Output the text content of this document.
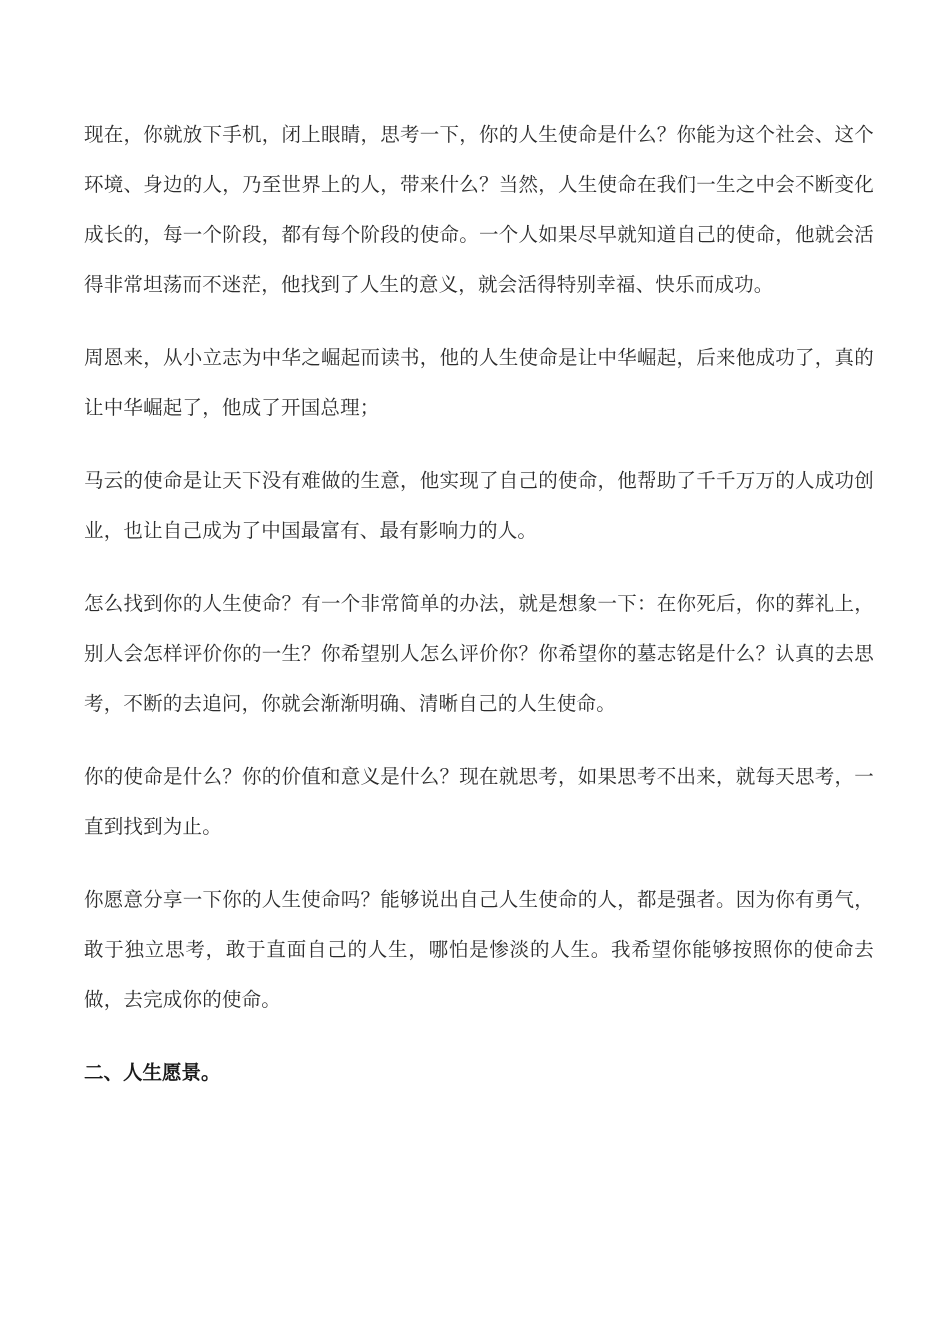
现在，你就放下手机，闭上眼睛，思考一下，你的人生使命是什么？你能为这个社会、这个环境、身边的人，乃至世界上的人，带来什么？当然，人生使命在我们一生之中会不断变化成长的，每一个阶段，都有每个阶段的使命。一个人如果尽早就知道自己的使命，他就会活得非常坦荡而不迷茫，他找到了人生的意义，就会活得特别幸福、快乐而成功。

周恩来，从小立志为中华之崛起而读书，他的人生使命是让中华崛起，后来他成功了，真的让中华崛起了，他成了开国总理；

马云的使命是让天下没有难做的生意，他实现了自己的使命，他帮助了千千万万的人成功创业，也让自己成为了中国最富有、最有影响力的人。

怎么找到你的人生使命？有一个非常简单的办法，就是想象一下：在你死后，你的葬礼上，别人会怎样评价你的一生？你希望别人怎么评价你？你希望你的墓志铭是什么？认真的去思考，不断的去追问，你就会渐渐明确、清晰自己的人生使命。

你的使命是什么？你的价值和意义是什么？现在就思考，如果思考不出来，就每天思考，一直到找到为止。

你愿意分享一下你的人生使命吗？能够说出自己人生使命的人，都是强者。因为你有勇气，敢于独立思考，敢于直面自己的人生，哪怕是惨淡的人生。我希望你能够按照你的使命去做，去完成你的使命。

二、人生愿景。
